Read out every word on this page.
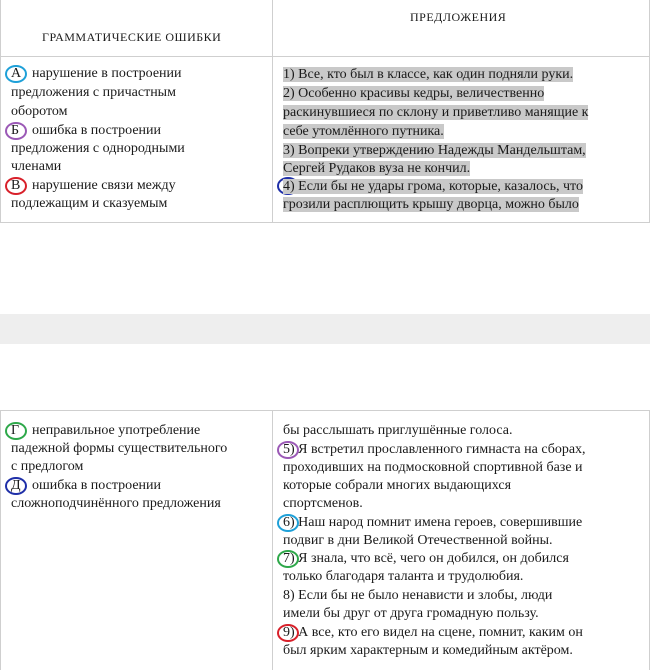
ГРАММАТИЧЕСКИЕ ОШИБКИ
ПРЕДЛОЖЕНИЯ
А нарушение в построении
предложения с причастным
оборотом
Б ошибка в построении
предложения с однородными
членами
В нарушение связи между
подлежащим и сказуемым
1) Все, кто был в классе, как один подняли руки.
2) Особенно красивы кедры, величественно
раскинувшиеся по склону и приветливо манящие к
себе утомлённого путника.
3) Вопреки утверждению Надежды Мандельштам,
Сергей Рудаков вуза не кончил.
4) Если бы не удары грома, которые, казалось, что
грозили расплющить крышу дворца, можно было
Г неправильное употребление
падежной формы существительного
с предлогом
Д ошибка в построении
сложноподчинённого предложения
бы расслышать приглушённые голоса.
5) Я встретил прославленного гимнаста на сборах,
проходивших на подмосковной спортивной базе и
которые собрали многих выдающихся
спортсменов.
6) Наш народ помнит имена героев, совершившие
подвиг в дни Великой Отечественной войны.
7) Я знала, что всё, чего он добился, он добился
только благодаря таланта и трудолюбия.
8) Если бы не было ненависти и злобы, люди
имели бы друг от друга громадную пользу.
9) А все, кто его видел на сцене, помнит, каким он
был ярким характерным и комедийным актёром.
